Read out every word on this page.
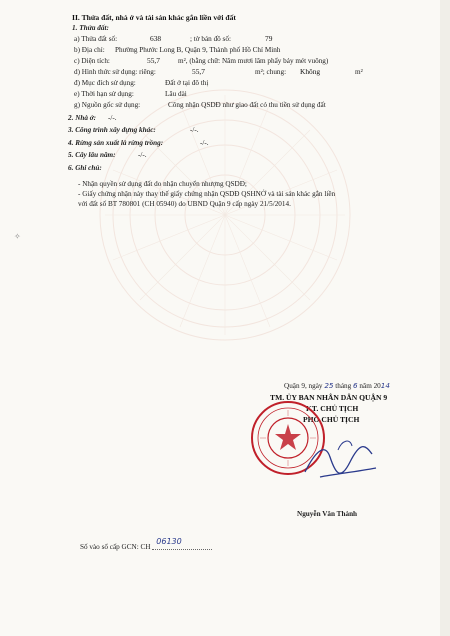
II. Thửa đất, nhà ở và tài sản khác gắn liền với đất
1. Thửa đất:
a) Thửa đất số:	638	; tờ bản đồ số:	79
b) Địa chỉ: Phường Phước Long B, Quận 9, Thành phố Hồ Chí Minh
c) Diện tích:	55,7	m², (bằng chữ: Năm mươi lăm phẩy bảy mét vuông)
d) Hình thức sử dụng: riêng:	55,7	m²; chung: Không	m²
đ) Mục đích sử dụng:	Đất ở tại đô thị
e) Thời hạn sử dụng:	Lâu dài
g) Nguồn gốc sử dụng:	Công nhận QSDĐ như giao đất có thu tiền sử dụng đất
2. Nhà ở: -/-.
3. Công trình xây dựng khác:	-/-.
4. Rừng sản xuất là rừng trồng:	-/-.
5. Cây lâu năm:	-/-.
6. Ghi chú:
- Nhận quyền sử dụng đất do nhận chuyển nhượng QSDĐ;
- Giấy chứng nhận này thay thế giấy chứng nhận QSDĐ QSHNỞ và tài sản khác gắn liền
với đất số BT 780801 (CH 05940) do UBND Quận 9 cấp ngày 21/5/2014.
✧
Quận 9, ngày 25 tháng 6 năm 2014
TM. ỦY BAN NHÂN DÂN QUẬN 9
KT. CHỦ TỊCH
PHÓ CHỦ TỊCH
Nguyễn Văn Thành
Số vào sổ cấp GCN: CH
06130
